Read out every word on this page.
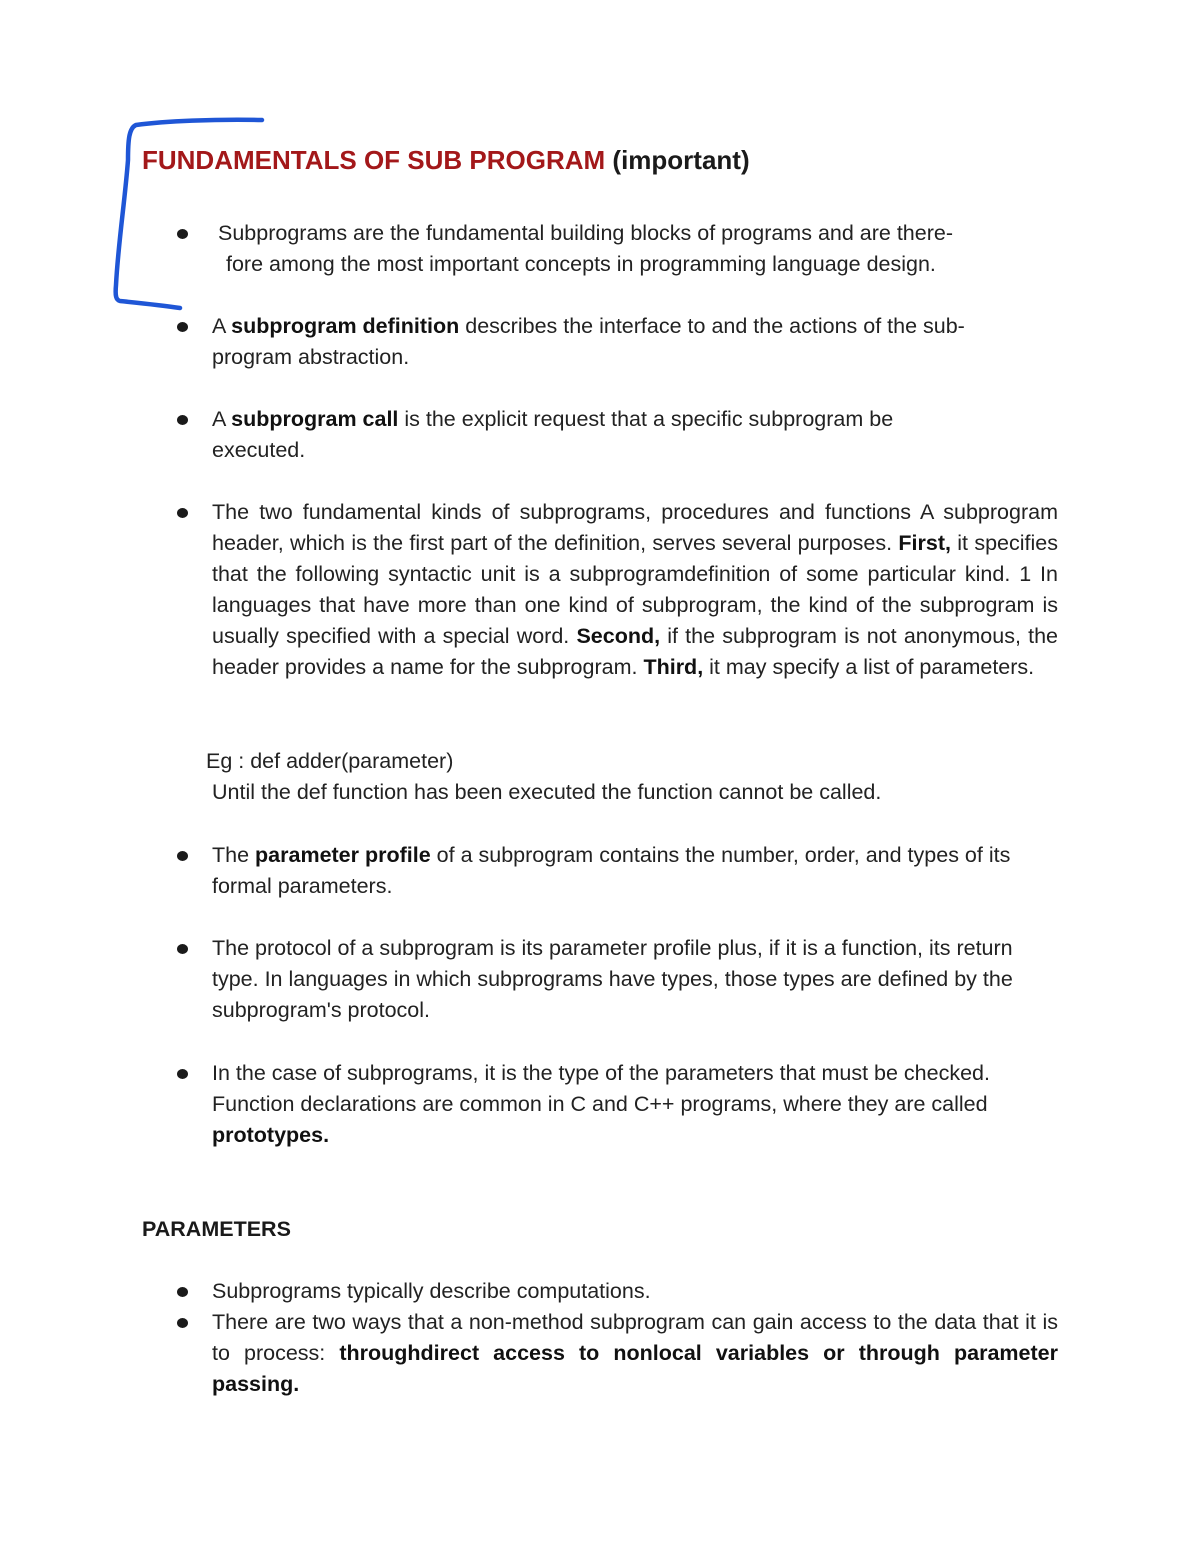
FUNDAMENTALS OF SUB PROGRAM (important)
Subprograms are the fundamental building blocks of programs and are there-
fore among the most important concepts in programming language design.
A subprogram definition describes the interface to and the actions of the sub- program abstraction.
A subprogram call is the explicit request that a specific subprogram be executed.
The two fundamental kinds of subprograms, procedures and functions A subprogram header, which is the first part of the definition, serves several purposes. First, it specifies that the following syntactic unit is a subprogramdefinition of some particular kind. 1 In languages that have more than one kind of subprogram, the kind of the subprogram is usually specified with a special word. Second, if the subprogram is not anonymous, the header provides a name for the subprogram. Third, it may specify a list of parameters.

Eg : def adder(parameter)

Until the def function has been executed the function cannot be called.

The parameter profile of a subprogram contains the number, order, and types of its formal parameters.
The protocol of a subprogram is its parameter profile plus, if it is a function, its return type. In languages in which subprograms have types, those types are defined by the subprogram's protocol.
In the case of subprograms, it is the type of the parameters that must be checked. Function declarations are common in C and C++ programs, where they are called prototypes.
PARAMETERS
Subprograms typically describe computations.
There are two ways that a non-method subprogram can gain access to the data that it is to process: throughdirect access to nonlocal variables or through parameter passing.
